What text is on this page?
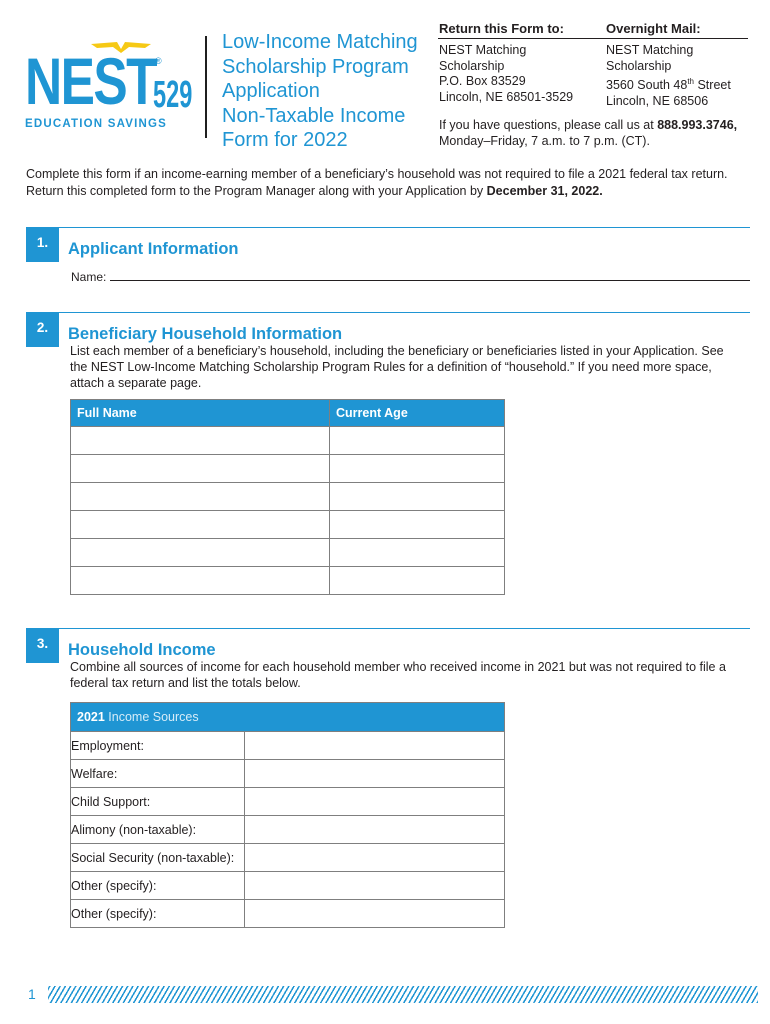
NEST
®
529
EDUCATION SAVINGS
Low-Income Matching
Scholarship Program
Application
Non-Taxable Income
Form for 2022
Return this Form to:	Overnight Mail:
NEST Matching
Scholarship
P.O. Box 83529
Lincoln, NE 68501-3529
NEST Matching
Scholarship
3560 South 48th Street
Lincoln, NE 68506
If you have questions, please call us at 888.993.3746,
Monday–Friday, 7 a.m. to 7 p.m. (CT).
Complete this form if an income-earning member of a beneficiary’s household was not required to file a 2021 federal tax return. Return this completed form to the Program Manager along with your Application by December 31, 2022.
1.	Applicant Information
Name:
2.	Beneficiary Household Information
List each member of a beneficiary’s household, including the beneficiary or beneficiaries listed in your Application. See the NEST Low-Income Matching Scholarship Program Rules for a definition of “household.” If you need more space, attach a separate page.
Full Name	Current Age

3.	Household Income
Combine all sources of income for each household member who received income in 2021 but was not required to file a federal tax return and list the totals below.
2021 Income Sources	
Employment:	
Welfare:	
Child Support:	
Alimony (non-taxable):	
Social Security (non-taxable):	
Other (specify):	
Other (specify):	
1
